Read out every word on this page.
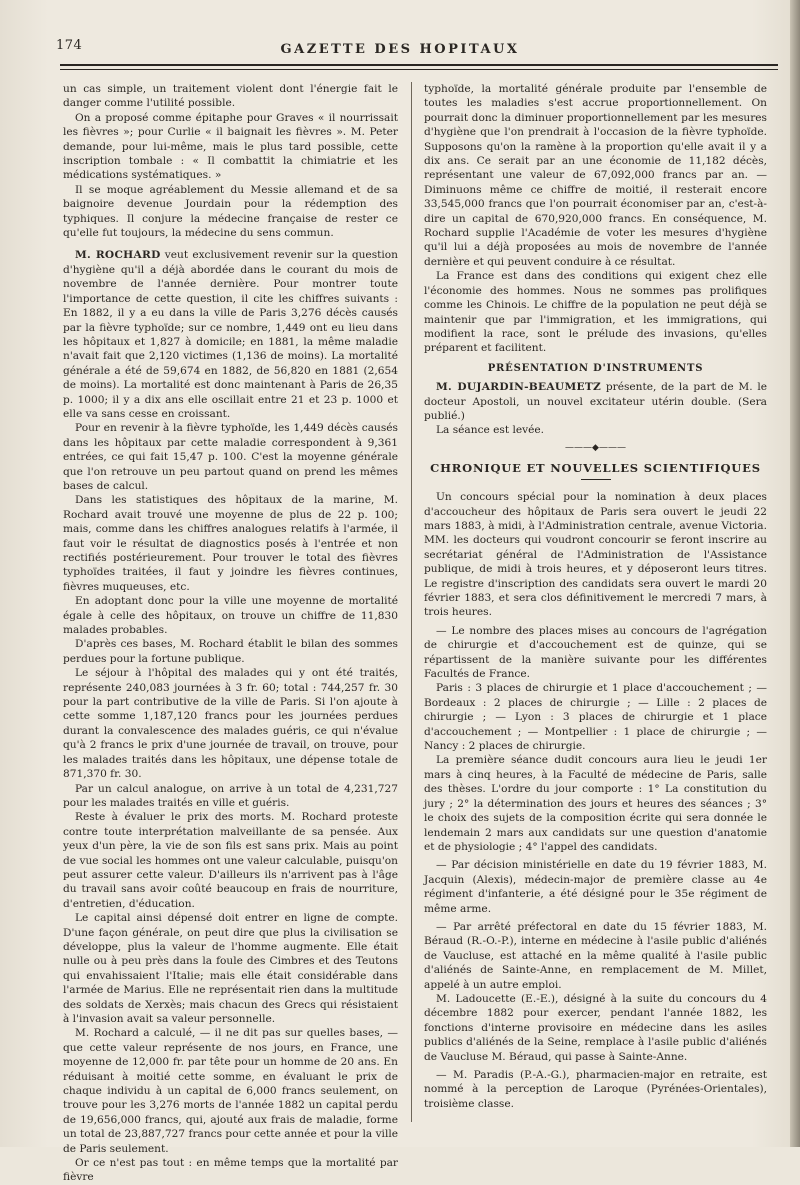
174	GAZETTE DES HOPITAUX

un cas simple, un traitement violent dont l'énergie fait le danger comme l'utilité possible.

On a proposé comme épitaphe pour Graves « il nourrissait les fièvres »; pour Curlie « il baignait les fièvres ». M. Peter demande, pour lui-même, mais le plus tard possible, cette inscription tombale : « Il combattit la chimiatrie et les médications systématiques. »

Il se moque agréablement du Messie allemand et de sa baignoire devenue Jourdain pour la rédemption des typhiques. Il conjure la médecine française de rester ce qu'elle fut toujours, la médecine du sens commun.

M. ROCHARD veut exclusivement revenir sur la question d'hygiène qu'il a déjà abordée dans le courant du mois de novembre de l'année dernière. Pour montrer toute l'importance de cette question, il cite les chiffres suivants : En 1882, il y a eu dans la ville de Paris 3,276 décès causés par la fièvre typhoïde; sur ce nombre, 1,449 ont eu lieu dans les hôpitaux et 1,827 à domicile; en 1881, la même maladie n'avait fait que 2,120 victimes (1,136 de moins). La mortalité générale a été de 59,674 en 1882, de 56,820 en 1881 (2,654 de moins). La mortalité est donc maintenant à Paris de 26,35 p. 1000; il y a dix ans elle oscillait entre 21 et 23 p. 1000 et elle va sans cesse en croissant.

Pour en revenir à la fièvre typhoïde, les 1,449 décès causés dans les hôpitaux par cette maladie correspondent à 9,361 entrées, ce qui fait 15,47 p. 100. C'est la moyenne générale que l'on retrouve un peu partout quand on prend les mêmes bases de calcul.

Dans les statistiques des hôpitaux de la marine, M. Rochard avait trouvé une moyenne de plus de 22 p. 100; mais, comme dans les chiffres analogues relatifs à l'armée, il faut voir le résultat de diagnostics posés à l'entrée et non rectifiés postérieurement. Pour trouver le total des fièvres typhoïdes traitées, il faut y joindre les fièvres continues, fièvres muqueuses, etc.

En adoptant donc pour la ville une moyenne de mortalité égale à celle des hôpitaux, on trouve un chiffre de 11,830 malades probables.

D'après ces bases, M. Rochard établit le bilan des sommes perdues pour la fortune publique.

Le séjour à l'hôpital des malades qui y ont été traités, représente 240,083 journées à 3 fr. 60; total : 744,257 fr. 30 pour la part contributive de la ville de Paris. Si l'on ajoute à cette somme 1,187,120 francs pour les journées perdues durant la convalescence des malades guéris, ce qui n'évalue qu'à 2 francs le prix d'une journée de travail, on trouve, pour les malades traités dans les hôpitaux, une dépense totale de 871,370 fr. 30.

Par un calcul analogue, on arrive à un total de 4,231,727 pour les malades traités en ville et guéris.

Reste à évaluer le prix des morts. M. Rochard proteste contre toute interprétation malveillante de sa pensée. Aux yeux d'un père, la vie de son fils est sans prix. Mais au point de vue social les hommes ont une valeur calculable, puisqu'on peut assurer cette valeur. D'ailleurs ils n'arrivent pas à l'âge du travail sans avoir coûté beaucoup en frais de nourriture, d'entretien, d'éducation.

Le capital ainsi dépensé doit entrer en ligne de compte. D'une façon générale, on peut dire que plus la civilisation se développe, plus la valeur de l'homme augmente. Elle était nulle ou à peu près dans la foule des Cimbres et des Teutons qui envahissaient l'Italie; mais elle était considérable dans l'armée de Marius. Elle ne représentait rien dans la multitude des soldats de Xerxès; mais chacun des Grecs qui résistaient à l'invasion avait sa valeur personnelle.

M. Rochard a calculé, — il ne dit pas sur quelles bases, — que cette valeur représente de nos jours, en France, une moyenne de 12,000 fr. par tête pour un homme de 20 ans. En réduisant à moitié cette somme, en évaluant le prix de chaque individu à un capital de 6,000 francs seulement, on trouve pour les 3,276 morts de l'année 1882 un capital perdu de 19,656,000 francs, qui, ajouté aux frais de maladie, forme un total de 23,887,727 francs pour cette année et pour la ville de Paris seulement.

Or ce n'est pas tout : en même temps que la mortalité par fièvre

typhoïde, la mortalité générale produite par l'ensemble de toutes les maladies s'est accrue proportionnellement. On pourrait donc la diminuer proportionnellement par les mesures d'hygiène que l'on prendrait à l'occasion de la fièvre typhoïde. Supposons qu'on la ramène à la proportion qu'elle avait il y a dix ans. Ce serait par an une économie de 11,182 décès, représentant une valeur de 67,092,000 francs par an. — Diminuons même ce chiffre de moitié, il resterait encore 33,545,000 francs que l'on pourrait économiser par an, c'est-à-dire un capital de 670,920,000 francs. En conséquence, M. Rochard supplie l'Académie de voter les mesures d'hygiène qu'il lui a déjà proposées au mois de novembre de l'année dernière et qui peuvent conduire à ce résultat.

La France est dans des conditions qui exigent chez elle l'économie des hommes. Nous ne sommes pas prolifiques comme les Chinois. Le chiffre de la population ne peut déjà se maintenir que par l'immigration, et les immigrations, qui modifient la race, sont le prélude des invasions, qu'elles préparent et facilitent.

PRÉSENTATION D'INSTRUMENTS

M. DUJARDIN-BEAUMETZ présente, de la part de M. le docteur Apostoli, un nouvel excitateur utérin double. (Sera publié.)

La séance est levée.

———◆———
CHRONIQUE ET NOUVELLES SCIENTIFIQUES

Un concours spécial pour la nomination à deux places d'accoucheur des hôpitaux de Paris sera ouvert le jeudi 22 mars 1883, à midi, à l'Administration centrale, avenue Victoria. MM. les docteurs qui voudront concourir se feront inscrire au secrétariat général de l'Administration de l'Assistance publique, de midi à trois heures, et y déposeront leurs titres. Le registre d'inscription des candidats sera ouvert le mardi 20 février 1883, et sera clos définitivement le mercredi 7 mars, à trois heures.

— Le nombre des places mises au concours de l'agrégation de chirurgie et d'accouchement est de quinze, qui se répartissent de la manière suivante pour les différentes Facultés de France.

Paris : 3 places de chirurgie et 1 place d'accouchement ; — Bordeaux : 2 places de chirurgie ; — Lille : 2 places de chirurgie ; — Lyon : 3 places de chirurgie et 1 place d'accouchement ; — Montpellier : 1 place de chirurgie ; — Nancy : 2 places de chirurgie.

La première séance dudit concours aura lieu le jeudi 1er mars à cinq heures, à la Faculté de médecine de Paris, salle des thèses. L'ordre du jour comporte : 1° La constitution du jury ; 2° la détermination des jours et heures des séances ; 3° le choix des sujets de la composition écrite qui sera donnée le lendemain 2 mars aux candidats sur une question d'anatomie et de physiologie ; 4° l'appel des candidats.

— Par décision ministérielle en date du 19 février 1883, M. Jacquin (Alexis), médecin-major de première classe au 4e régiment d'infanterie, a été désigné pour le 35e régiment de même arme.

— Par arrêté préfectoral en date du 15 février 1883, M. Béraud (R.-O.-P.), interne en médecine à l'asile public d'aliénés de Vaucluse, est attaché en la même qualité à l'asile public d'aliénés de Sainte-Anne, en remplacement de M. Millet, appelé à un autre emploi.

M. Ladoucette (E.-E.), désigné à la suite du concours du 4 décembre 1882 pour exercer, pendant l'année 1882, les fonctions d'interne provisoire en médecine dans les asiles publics d'aliénés de la Seine, remplace à l'asile public d'aliénés de Vaucluse M. Béraud, qui passe à Sainte-Anne.

— M. Paradis (P.-A.-G.), pharmacien-major en retraite, est nommé à la perception de Laroque (Pyrénées-Orientales), troisième classe.
